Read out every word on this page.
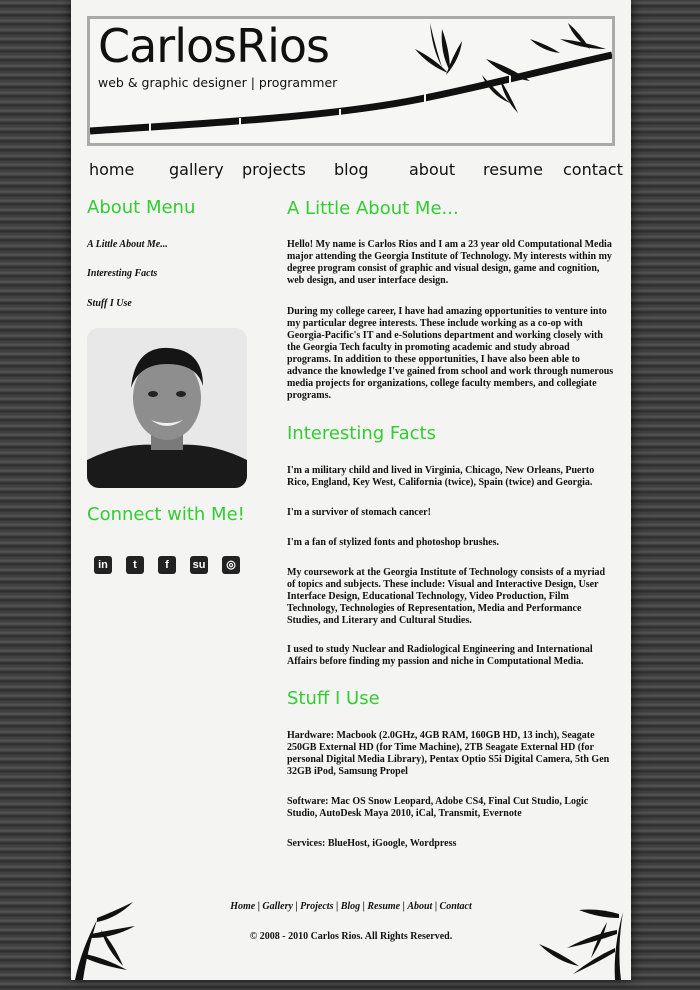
CarlosRios
web & graphic designer | programmer
home gallery projects blog	about resume contact
About Menu
A Little About Me...
Interesting Facts
Stuff I Use
Connect with Me!
in	t	f	su	◎
A Little About Me...
Hello! My name is Carlos Rios and I am a 23 year old Computational Media major attending the Georgia Institute of Technology. My interests within my degree program consist of graphic and visual design, game and cognition, web design, and user interface design.
During my college career, I have had amazing opportunities to venture into my particular degree interests. These include working as a co-op with Georgia-Pacific's IT and e-Solutions department and working closely with the Georgia Tech faculty in promoting academic and study abroad programs. In addition to these opportunities, I have also been able to advance the knowledge I've gained from school and work through numerous media projects for organizations, college faculty members, and collegiate programs.
Interesting Facts
I'm a military child and lived in Virginia, Chicago, New Orleans, Puerto Rico, England, Key West, California (twice), Spain (twice) and Georgia.
I'm a survivor of stomach cancer!
I'm a fan of stylized fonts and photoshop brushes.
My coursework at the Georgia Institute of Technology consists of a myriad of topics and subjects. These include: Visual and Interactive Design, User Interface Design, Educational Technology, Video Production, Film Technology, Technologies of Representation, Media and Performance Studies, and Literary and Cultural Studies.
I used to study Nuclear and Radiological Engineering and International Affairs before finding my passion and niche in Computational Media.
Stuff I Use
Hardware: Macbook (2.0GHz, 4GB RAM, 160GB HD, 13 inch), Seagate 250GB External HD (for Time Machine), 2TB Seagate External HD (for personal Digital Media Library), Pentax Optio S5i Digital Camera, 5th Gen 32GB iPod, Samsung Propel
Software: Mac OS Snow Leopard, Adobe CS4, Final Cut Studio, Logic Studio, AutoDesk Maya 2010, iCal, Transmit, Evernote
Services: BlueHost, iGoogle, Wordpress
Home | Gallery | Projects | Blog | Resume | About | Contact
© 2008 - 2010 Carlos Rios. All Rights Reserved.
